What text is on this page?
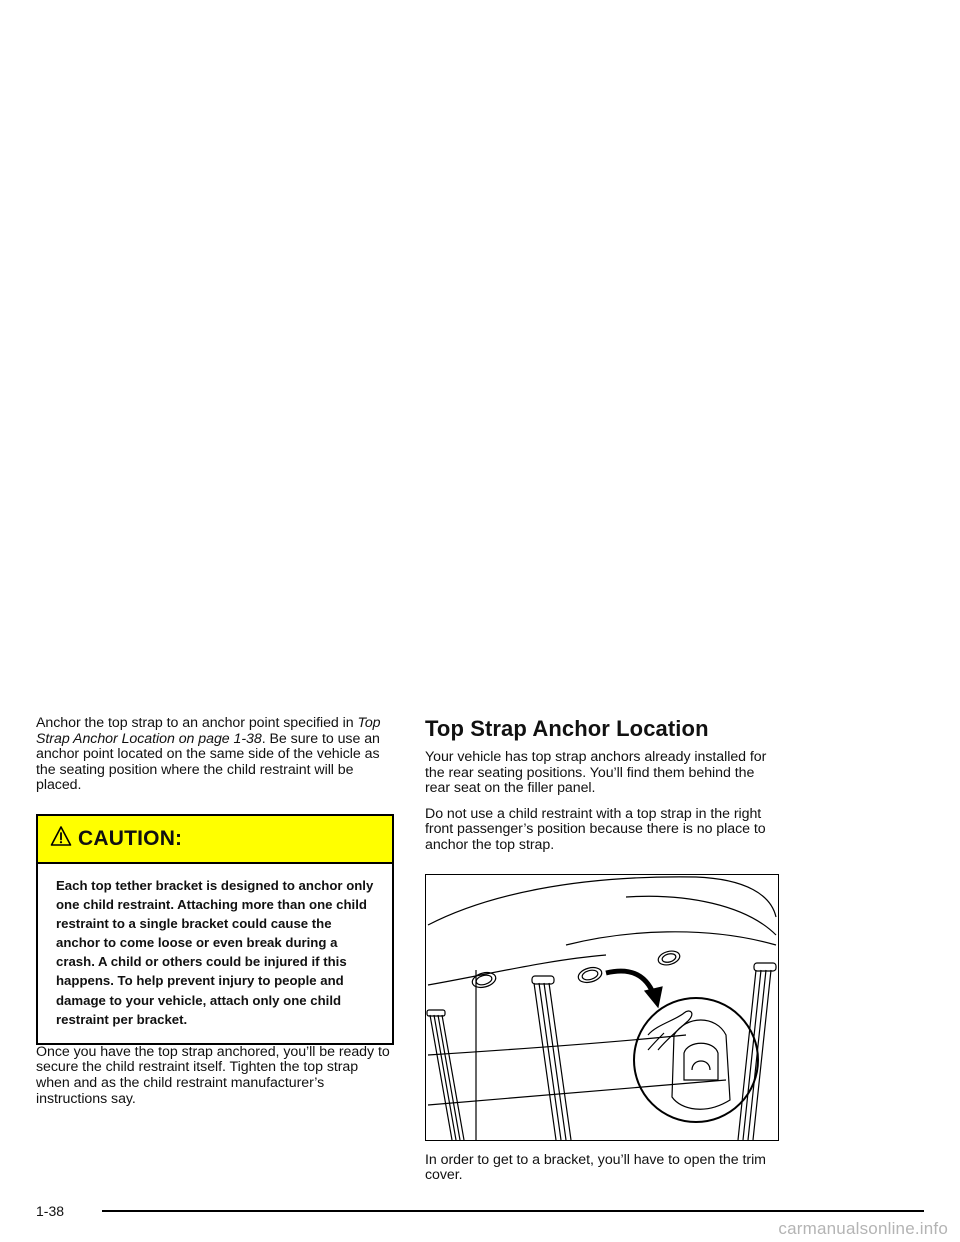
Anchor the top strap to an anchor point specified in Top Strap Anchor Location on page 1-38. Be sure to use an anchor point located on the same side of the vehicle as the seating position where the child restraint will be placed.

CAUTION:
Each top tether bracket is designed to anchor only one child restraint. Attaching more than one child restraint to a single bracket could cause the anchor to come loose or even break during a crash. A child or others could be injured if this happens. To help prevent injury to people and damage to your vehicle, attach only one child restraint per bracket.

Once you have the top strap anchored, you’ll be ready to secure the child restraint itself. Tighten the top strap when and as the child restraint manufacturer’s instructions say.

Top Strap Anchor Location

Your vehicle has top strap anchors already installed for the rear seating positions. You’ll find them behind the rear seat on the filler panel.

Do not use a child restraint with a top strap in the right front passenger’s position because there is no place to anchor the top strap.

In order to get to a bracket, you’ll have to open the trim cover.

1-38
carmanualsonline.info
